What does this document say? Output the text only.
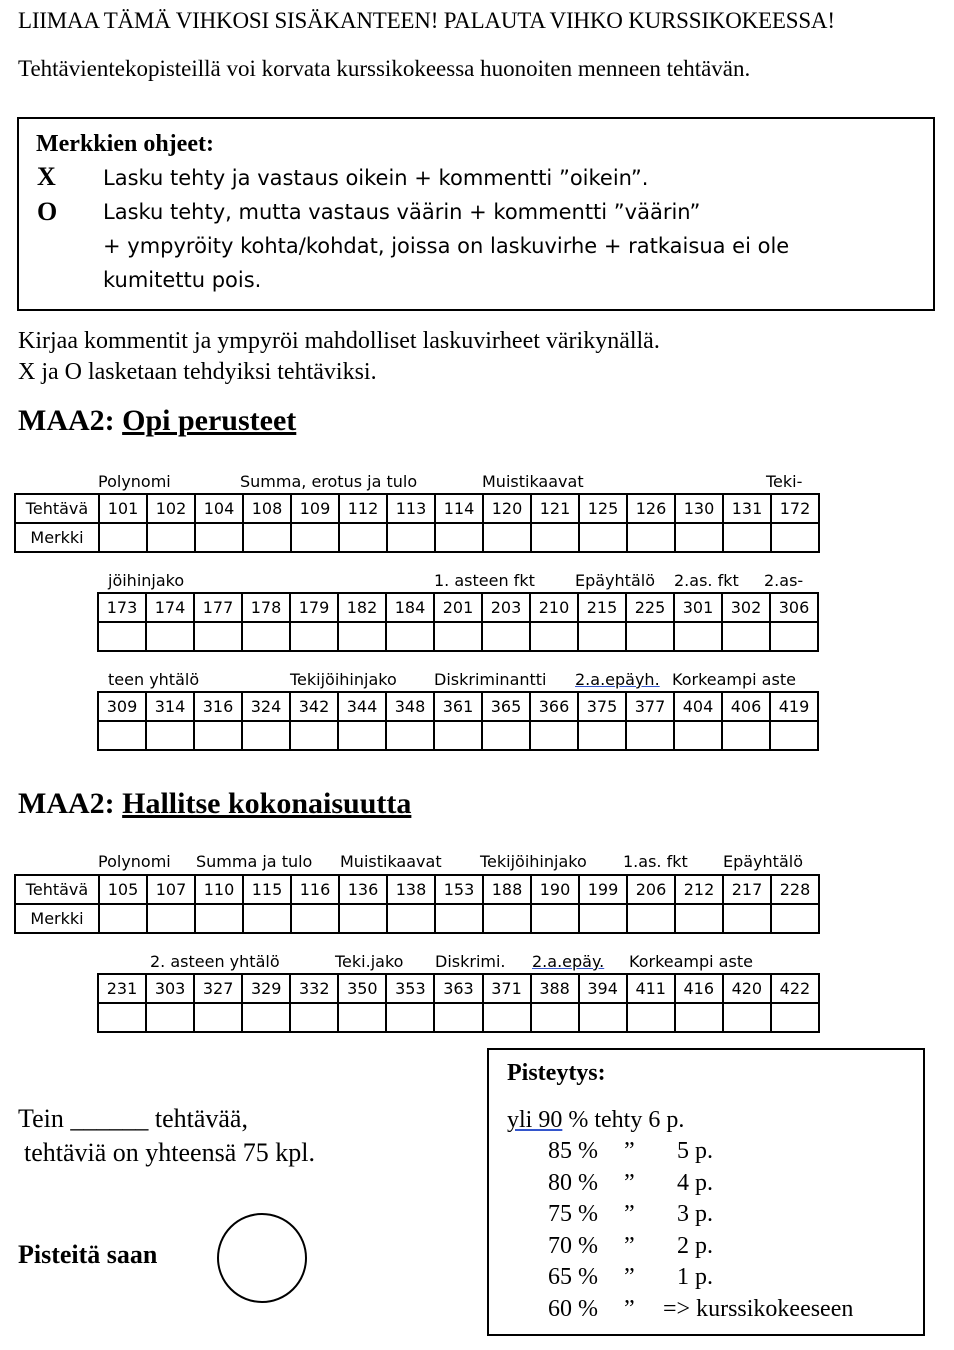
LIIMAA TÄMÄ VIHKOSI SISÄKANTEEN! PALAUTA VIHKO KURSSIKOKEESSA!
Tehtävientekopisteillä voi korvata kurssikokeessa huonoiten menneen tehtävän.
Merkkien ohjeet:
X Lasku tehty ja vastaus oikein + kommentti ”oikein”.
O Lasku tehty, mutta vastaus väärin + kommentti ”väärin”
+ ympyröity kohta/kohdat, joissa on laskuvirhe + ratkaisua ei ole
kumitettu pois.
Kirjaa kommentit ja ympyröi mahdolliset laskuvirheet värikynällä.
X ja O lasketaan tehdyiksi tehtäviksi.
MAA2: Opi perusteet
Polynomi	Summa, erotus ja tulo	Muistikaavat	Teki-
Tehtävä	101	102	104	108	109	112	113	114	120	121	125	126	130	131	172
Merkki															
jöihinjako	1. asteen fkt	Epäyhtälö 2.as. fkt 2.as-
173	174	177	178	179	182	184	201	203	210	215	225	301	302	306

teen yhtälö	Tekijöihinjako Diskriminantti 2.a.epäyh. Korkeampi aste
309	314	316	324	342	344	348	361	365	366	375	377	404	406	419

MAA2: Hallitse kokonaisuutta
Polynomi Summa ja tulo Muistikaavat Tekijöihinjako 1.as. fkt Epäyhtälö
Tehtävä	105	107	110	115	116	136	138	153	188	190	199	206	212	217	228
Merkki															
2. asteen yhtälö	Teki.jako Diskrimi. 2.a.epäy. Korkeampi aste
231	303	327	329	332	350	353	363	371	388	394	411	416	420	422

Tein ______ tehtävää,
tehtäviä on yhteensä 75 kpl.
Pisteitä saan
Pisteytys:
yli 90 % tehty 6 p.
85 % ” 5 p.
80 % ” 4 p.
75 % ” 3 p.
70 % ” 2 p.
65 % ” 1 p.
60 % ” => kurssikokeeseen
